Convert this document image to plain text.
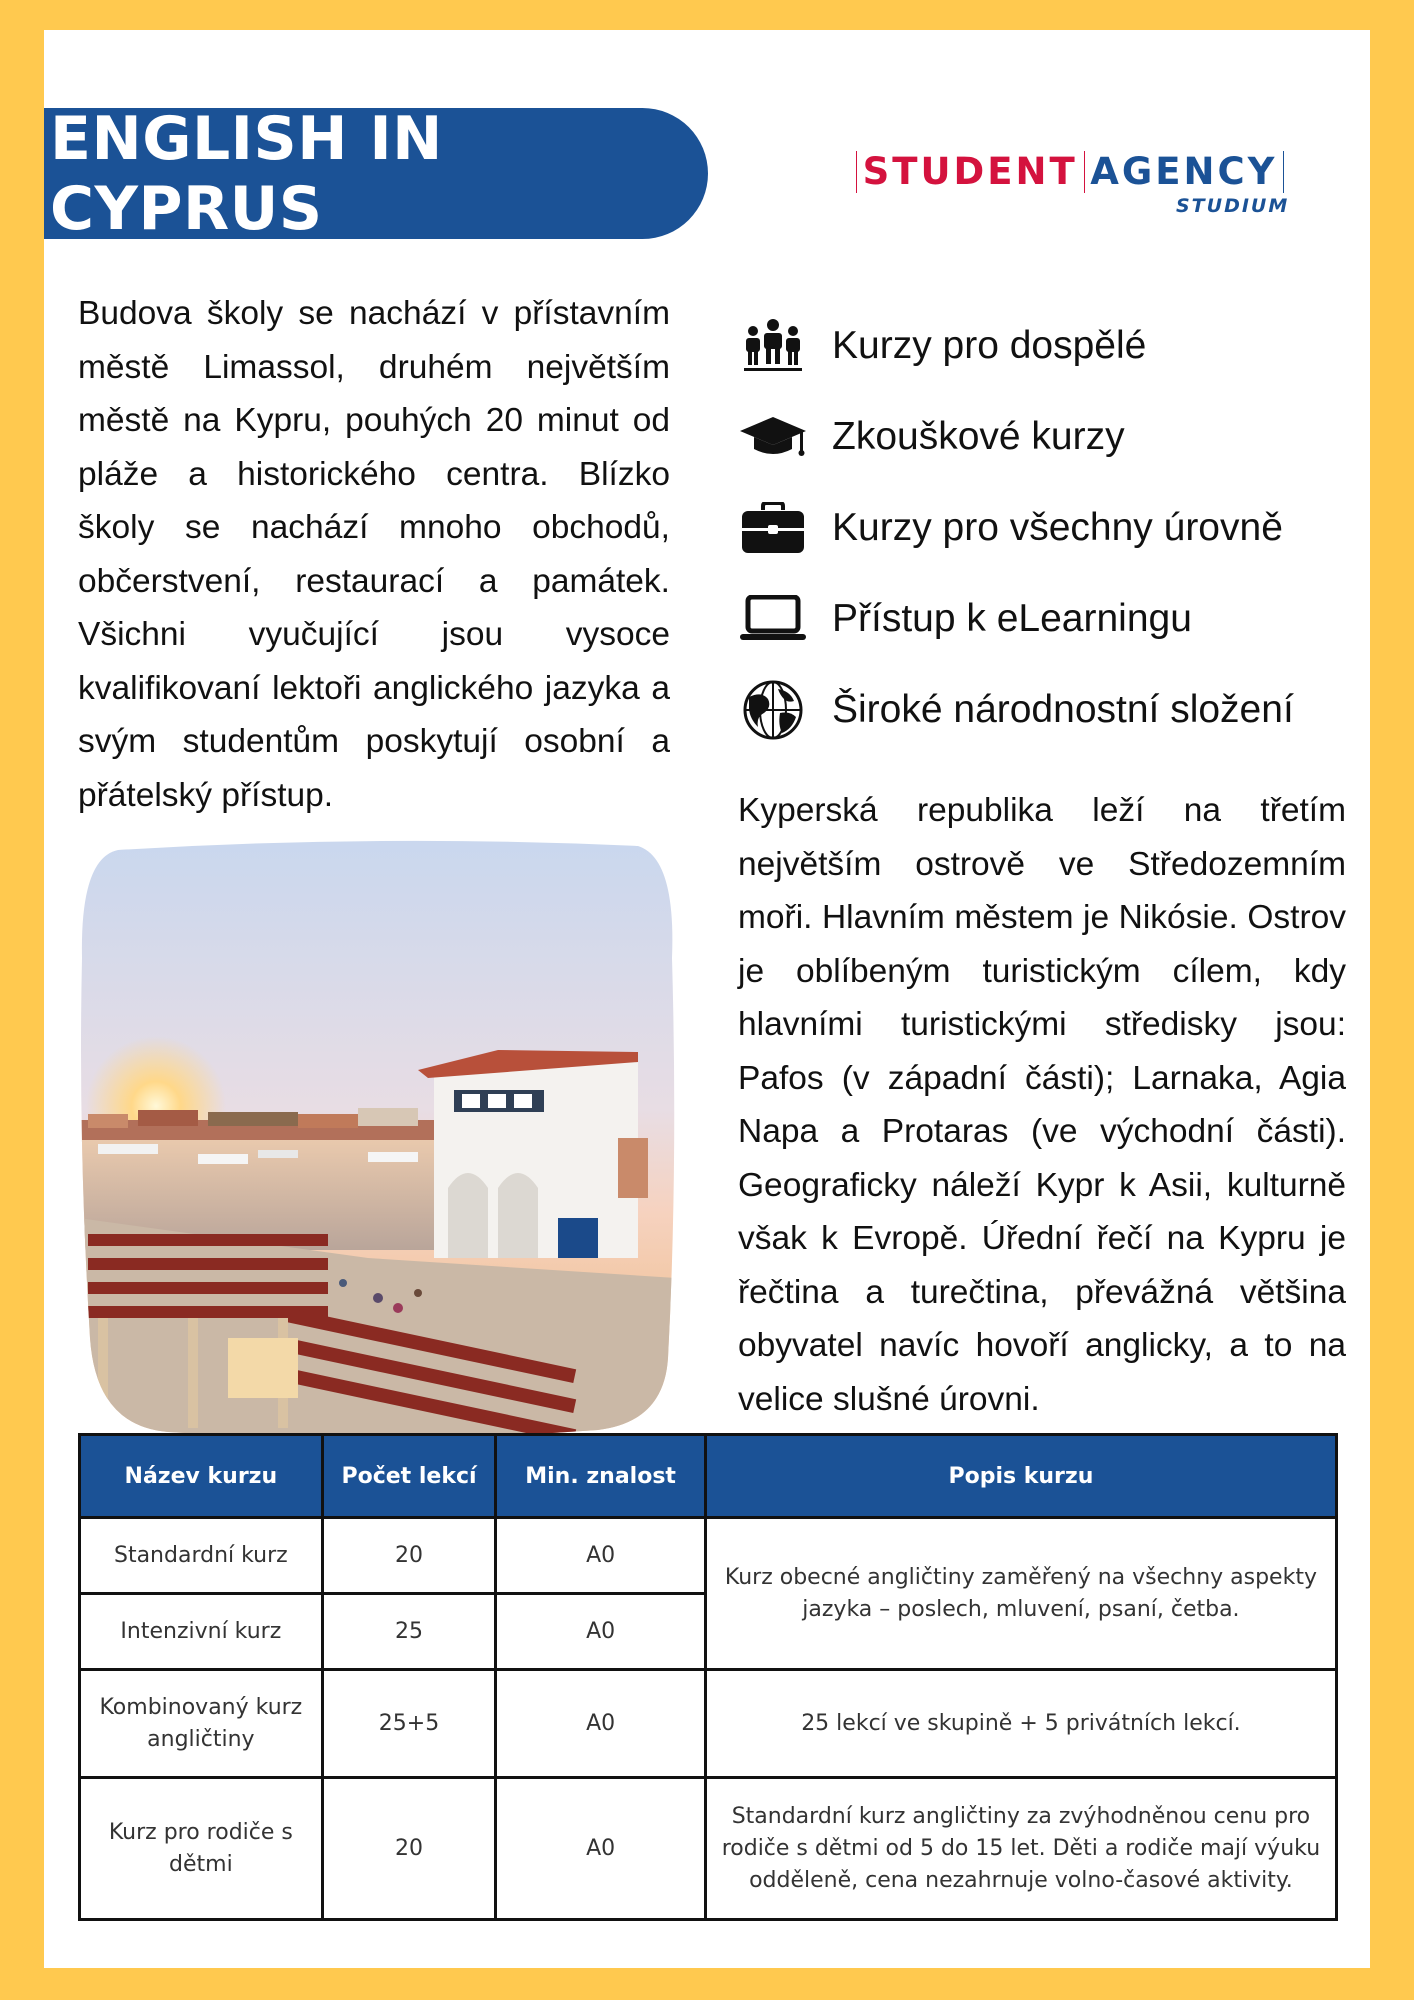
ENGLISH IN CYPRUS
STUDENT AGENCY
STUDIUM

Budova školy se nachází v přístavním městě Limassol, druhém největším městě na Kypru, pouhých 20 minut od pláže a historického centra. Blízko školy se nachází mnoho obchodů, občerstvení, restaurací a památek. Všichni vyučující jsou vysoce kvalifikovaní lektoři anglického jazyka a svým studentům poskytují osobní a přátelský přístup.

Kurzy pro dospělé
Zkouškové kurzy
Kurzy pro všechny úrovně
Přístup k eLearningu
Široké národnostní složení

Kyperská republika leží na třetím největším ostrově ve Středozemním moři. Hlavním městem je Nikósie. Ostrov je oblíbeným turistickým cílem, kdy hlavními turistickými středisky jsou: Pafos (v západní části); Larnaka, Agia Napa a Protaras (ve východní části). Geograficky náleží Kypr k Asii, kulturně však k Evropě. Úřední řečí na Kypru je řečtina a turečtina, převážná většina obyvatel navíc hovoří anglicky, a to na velice slušné úrovni.

Název kurzu	Počet lekcí	Min. znalost	Popis kurzu
Standardní kurz	20	A0	Kurz obecné angličtiny zaměřený na všechny aspekty jazyka – poslech, mluvení, psaní, četba.
Intenzivní kurz	25	A0	
Kombinovaný kurz angličtiny	25+5	A0	25 lekcí ve skupině + 5 privátních lekcí.
Kurz pro rodiče s dětmi	20	A0	Standardní kurz angličtiny za zvýhodněnou cenu pro rodiče s dětmi od 5 do 15 let. Děti a rodiče mají výuku odděleně, cena nezahrnuje volno-časové aktivity.
